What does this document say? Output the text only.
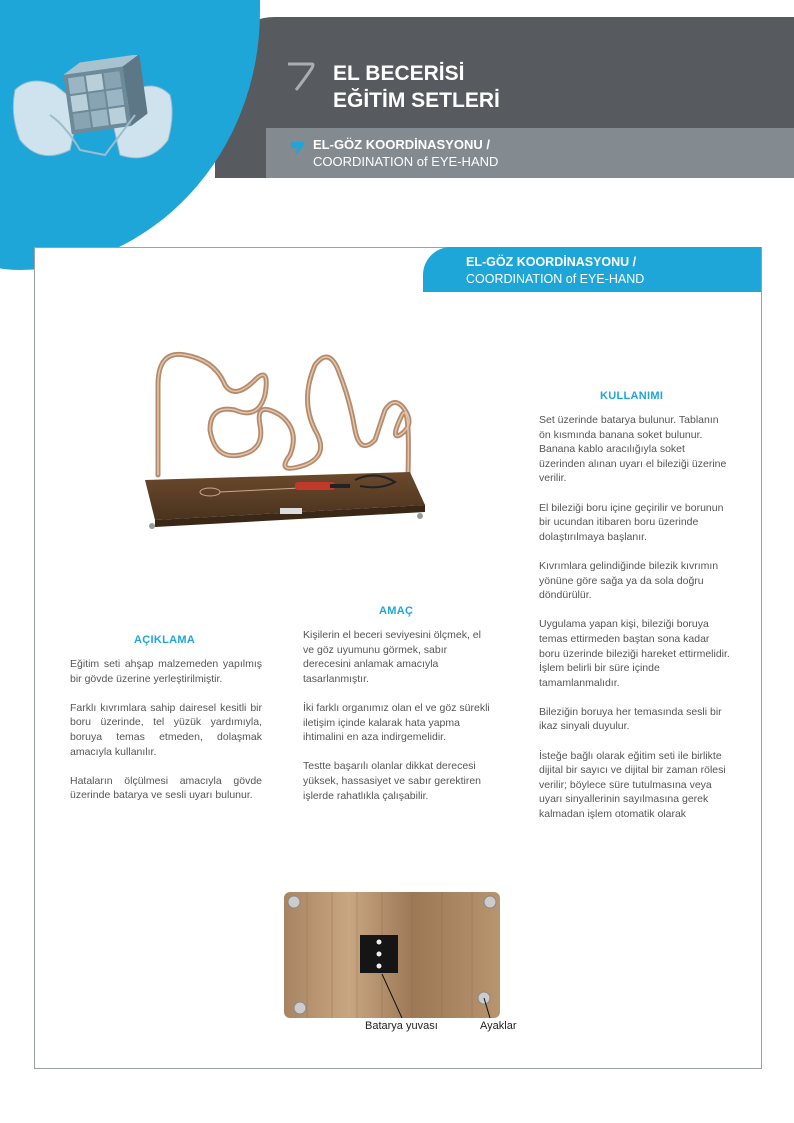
EL BECERİSİ
EĞİTİM SETLERİ
EL-GÖZ KOORDİNASYONU /
COORDINATION of EYE-HAND
EL-GÖZ KOORDİNASYONU /
COORDINATION of EYE-HAND
AÇIKLAMA

Eğitim seti ahşap malzemeden yapılmış bir gövde üzerine yerleştirilmiştir.

Farklı kıvrımlara sahip dairesel kesitli bir boru üzerinde, tel yüzük yardımıyla, boruya temas etmeden, dolaşmak amacıyla kullanılır.

Hataların ölçülmesi amacıyla gövde üzerinde batarya ve sesli uyarı bulunur.

AMAÇ

Kişilerin el beceri seviyesini ölçmek, el ve göz uyumunu görmek, sabır derecesini anlamak amacıyla tasarlanmıştır.

İki farklı organımız olan el ve göz sürekli iletişim içinde kalarak hata yapma ihtimalini en aza indirgemelidir.

Testte başarılı olanlar dikkat derecesi yüksek, hassasiyet ve sabır gerektiren işlerde rahatlıkla çalışabilir.

KULLANIMI

Set üzerinde batarya bulunur. Tablanın ön kısmında banana soket bulunur. Banana kablo aracılığıyla soket üzerinden alınan uyarı el bileziği üzerine verilir.

El bileziği boru içine geçirilir ve borunun bir ucundan itibaren boru üzerinde dolaştırılmaya başlanır.

Kıvrımlara gelindiğinde bilezik kıvrımın yönüne göre sağa ya da sola doğru döndürülür.

Uygulama yapan kişi, bileziği boruya temas ettirmeden baştan sona kadar boru üzerinde bileziği hareket ettirmelidir. İşlem belirli bir süre içinde tamamlanmalıdır.

Bileziğin boruya her temasında sesli bir ikaz sinyali duyulur.

İsteğe bağlı olarak eğitim seti ile birlikte dijital bir sayıcı ve dijital bir zaman rölesi verilir; böylece süre tutulmasına veya uyarı sinyallerinin sayılmasına gerek kalmadan işlem otomatik olarak

Batarya yuvası	Ayaklar
